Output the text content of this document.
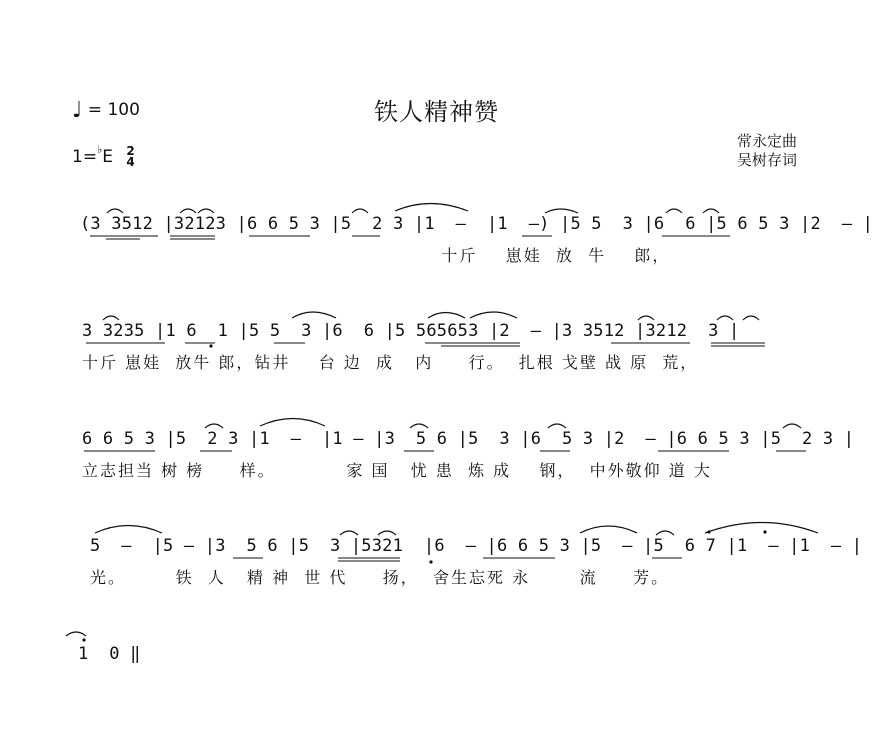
铁人精神赞
♩ = 100
1=♭E 2
4
常永定曲
吴树存词
(3 3512 |32123 |6 6 5 3 |5  2 3 |1  –  |1  –) |5 5  3 |6  6 |5 6 5 3 |2  – |
十斤    崽娃  放  牛    郎，
3 3235 |1 6  1 |5 5  3 |6  6 |5 565653 |2  – |3 3512 |3212  3 |
十斤 崽娃  放牛 郎，钻井    台 边  成   内     行。  扎根 戈壁 战 原  荒，
6 6 5 3 |5  2 3 |1  –  |1 – |3  5 6 |5  3 |6  5 3 |2  – |6 6 5 3 |5  2 3 |
立志担当 树 榜     样。          家 国   忧 患  炼 成    钢，  中外敬仰 道 大
5  –  |5 – |3  5 6 |5  3 |5321  |6  – |6 6 5 3 |5  – |5  6 7 |1  – |1  – |
光。       铁  人   精 神  世 代     扬，  舍生忘死 永       流     芳。
1  0 ‖
